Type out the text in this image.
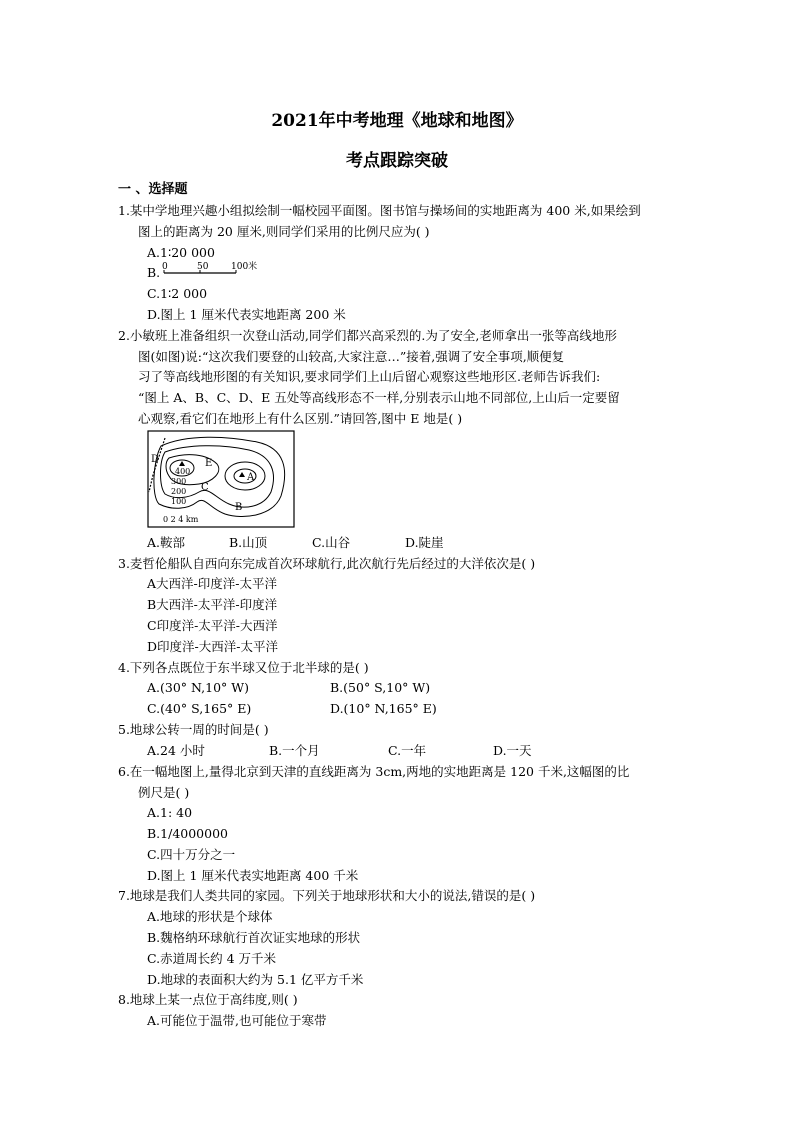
2021年中考地理《地球和地图》
考点跟踪突破
一 、选择题
1.某中学地理兴趣小组拟绘制一幅校园平面图。图书馆与操场间的实地距离为 400 米,如果绘到
图上的距离为 20 厘米,则同学们采用的比例尺应为( )
A.1∶20 000
B. 0	50	100米
C.1∶2 000
D.图上 1 厘米代表实地距离 200 米
2.小敏班上准备组织一次登山活动,同学们都兴高采烈的.为了安全,老师拿出一张等高线地形
图(如图)说:“这次我们要登的山较高,大家注意…”接着,强调了安全事项,顺便复
习了等高线地形图的有关知识,要求同学们上山后留心观察这些地形区.老师告诉我们:
“图上 A、B、C、D、E 五处等高线形态不一样,分别表示山地不同部位,上山后一定要留
心观察,看它们在地形上有什么区别.”请回答,图中 E 地是( )
D	E
A
B
C
400
300
200
100
0 2 4 km
A.鞍部	B.山顶	C.山谷	D.陡崖
3.麦哲伦船队自西向东完成首次环球航行,此次航行先后经过的大洋依次是( )
A大西洋-印度洋-太平洋
B大西洋-太平洋-印度洋
C印度洋-太平洋-大西洋
D印度洋-大西洋-太平洋
4.下列各点既位于东半球又位于北半球的是( )
A.(30° N,10° W)	B.(50° S,10° W)
C.(40° S,165° E)	D.(10° N,165° E)
5.地球公转一周的时间是( )
A.24 小时	B.一个月	C.一年	D.一天
6.在一幅地图上,量得北京到天津的直线距离为 3cm,两地的实地距离是 120 千米,这幅图的比
例尺是( )
A.1: 40
B.1/4000000
C.四十万分之一
D.图上 1 厘米代表实地距离 400 千米
7.地球是我们人类共同的家园。下列关于地球形状和大小的说法,错误的是( )
A.地球的形状是个球体
B.魏格纳环球航行首次证实地球的形状
C.赤道周长约 4 万千米
D.地球的表面积大约为 5.1 亿平方千米
8.地球上某一点位于高纬度,则( )
A.可能位于温带,也可能位于寒带
